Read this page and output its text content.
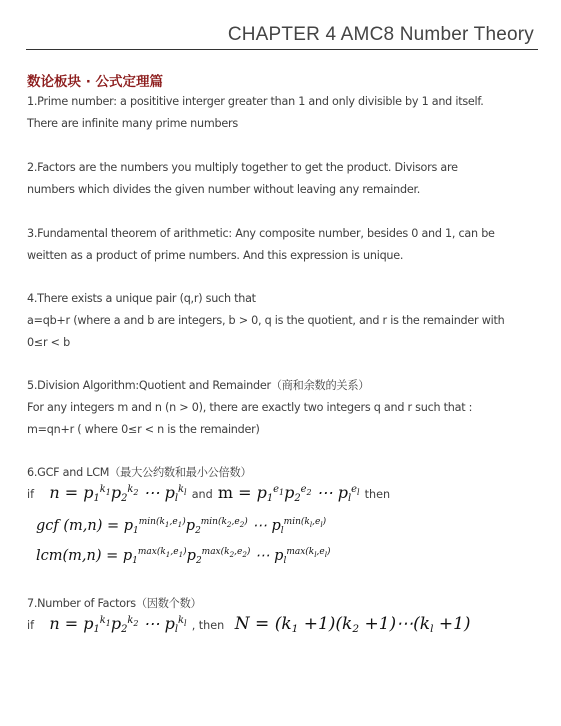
CHAPTER 4 AMC8 Number Theory
数论板块 · 公式定理篇
1.Prime number: a posititive interger greater than 1 and only divisible by 1 and itself.
There are infinite many prime numbers
2.Factors are the numbers you multiply together to get the product. Divisors are
numbers which divides the given number without leaving any remainder.
3.Fundamental theorem of arithmetic: Any composite number, besides 0 and 1, can be
weitten as a product of prime numbers. And this expression is unique.
4.There exists a unique pair (q,r) such that
a=qb+r (where a and b are integers, b > 0, q is the quotient, and r is the remainder with
0≤r < b
5.Division Algorithm:Quotient and Remainder（商和余数的关系）
For any integers m and n (n > 0), there are exactly two integers q and r such that :
m=qn+r ( where 0≤r < n is the remainder)
6.GCF and LCM（最大公约数和最小公倍数）
if   $n = p_1^{k_1}p_2^{k_2}$ ⋯ $p_l^{k_l}$ and $m = p_1^{e_1}p_2^{e_2}$ ⋯ $p_l^{e_l}$ then
gcf $(m,n) = p_1^{min(k_1,e_1)}p_2^{min(k_2,e_2)}$ ⋯ $p_l^{min(k_l,e_l)}$
$lcm(m,n) = p_1^{max(k_1,e_1)}p_2^{max(k_2,e_2)}$ ⋯ $p_l^{max(k_l,e_l)}$
7.Number of Factors（因数个数）
if   $n = p_1^{k_1}p_2^{k_2}$ ⋯ $p_l^{k_l}$ , then  $N = (k_1 +1)(k_2$ $+1)\cdots(k_l +1)$
